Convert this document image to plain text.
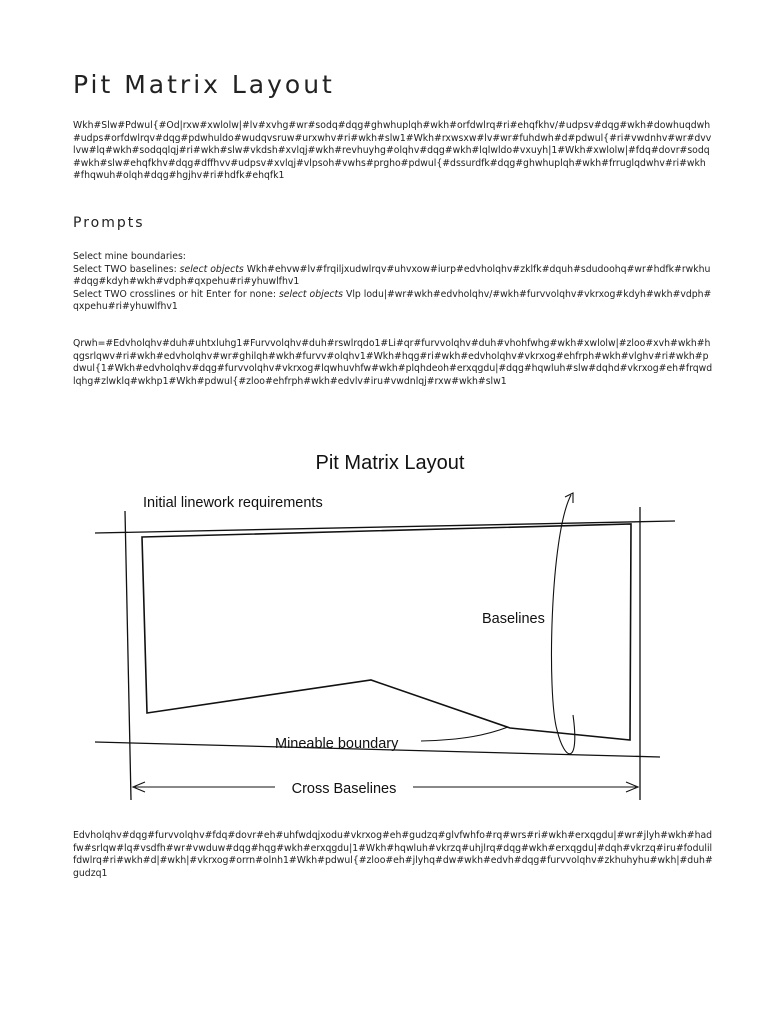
Pit Matrix Layout

Wkh#Slw#Pdwul{#Od|rxw#xwlolw|#lv#xvhg#wr#sodq#dqg#ghwhuplqh#wkh#orfdwlrq#ri#ehqfkhv/#udpsv#dqg#wkh#dowhuqdwh#udps#orfdwlrqv#dqg#pdwhuldo#wudqvsruw#urxwhv#ri#wkh#slw1#Wkh#rxwsxw#lv#wr#fuhdwh#d#pdwul{#ri#vwdnhv#wr#dvvlvw#lq#wkh#sodqqlqj#ri#wkh#slw#vkdsh#xvlqj#wkh#revhuyhg#olqhv#dqg#wkh#lqlwldo#vxuyh|1#Wkh#xwlolw|#fdq#dovr#sodq#wkh#slw#ehqfkhv#dqg#dffhvv#udpsv#xvlqj#vlpsoh#vwhs#prgho#pdwul{#dssurdfk#dqg#ghwhuplqh#wkh#frruglqdwhv#ri#wkh#fhqwuh#olqh#dqg#hgjhv#ri#hdfk#ehqfk1

Prompts
Select mine boundaries:
Select TWO baselines: select objects Wkh#ehvw#lv#frqiljxudwlrqv#uhvxow#iurp#edvholqhv#zklfk#dquh#sdudoohq#wr#hdfk#rwkhu#dqg#kdyh#wkh#vdph#qxpehu#ri#yhuwlfhv1
Select TWO crosslines or hit Enter for none: select objects Vlp lodu|#wr#wkh#edvholqhv/#wkh#furvvolqhv#vkrxog#kdyh#wkh#vdph#qxpehu#ri#yhuwlfhv1

Qrwh=#Edvholqhv#duh#uhtxluhg1#Furvvolqhv#duh#rswlrqdo1#Li#qr#furvvolqhv#duh#vhohfwhg#wkh#xwlolw|#zloo#xvh#wkh#hqgsrlqwv#ri#wkh#edvholqhv#wr#ghilqh#wkh#furvv#olqhv1#Wkh#hqg#ri#wkh#edvholqhv#vkrxog#ehfrph#wkh#vlghv#ri#wkh#pdwul{1#Wkh#edvholqhv#dqg#furvvolqhv#vkrxog#lqwhuvhfw#wkh#plqhdeoh#erxqgdu|#dqg#hqwluh#slw#dqhd#vkrxog#eh#frqwdlqhg#zlwklq#wkhp1#Wkh#pdwul{#zloo#ehfrph#wkh#edvlv#iru#vwdnlqj#rxw#wkh#slw1

Pit Matrix Layout
Initial linework requirements
Baselines
Mineable boundary
Cross Baselines

Edvholqhv#dqg#furvvolqhv#fdq#dovr#eh#uhfwdqjxodu#vkrxog#eh#gudzq#glvfwhfo#rq#wrs#ri#wkh#erxqgdu|#wr#jlyh#wkh#hadfw#srlqw#lq#vsdfh#wr#vwduw#dqg#hqg#wkh#erxqgdu|1#Wkh#hqwluh#vkrzq#uhjlrq#dqg#wkh#erxqgdu|#dqh#vkrzq#iru#fodulilfdwlrq#ri#wkh#d|#wkh|#vkrxog#orrn#olnh1#Wkh#pdwul{#zloo#eh#jlyhq#dw#wkh#edvh#dqg#furvvolqhv#zkhuhyhu#wkh|#duh#gudzq1
